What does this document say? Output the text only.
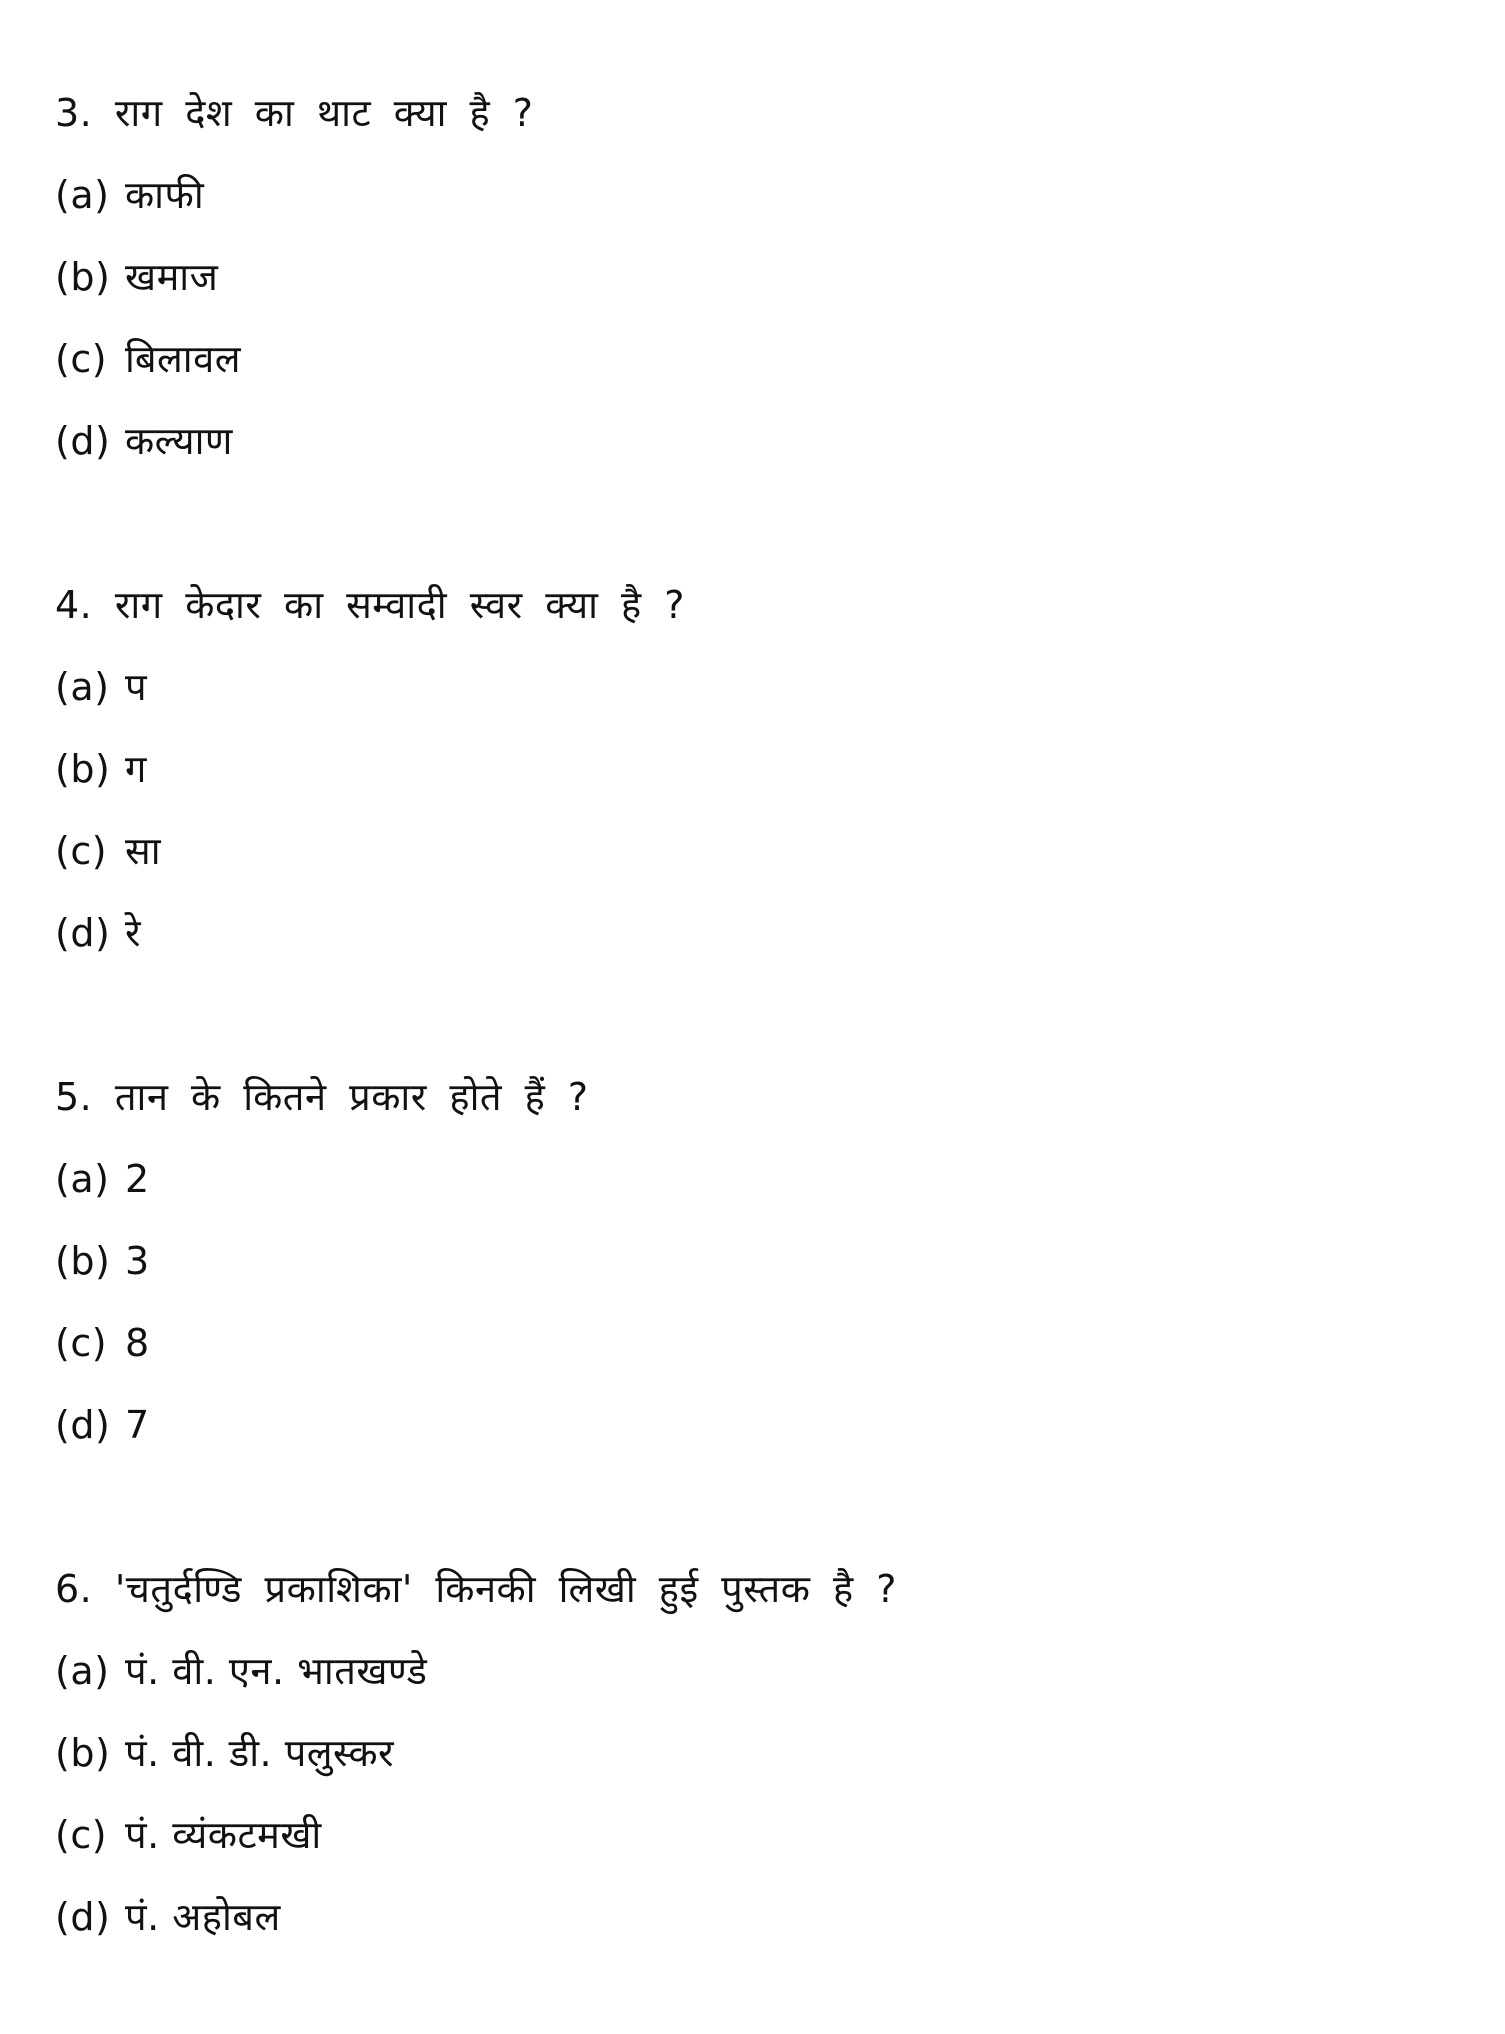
3. राग देश का थाट क्या है ?
(a) काफी
(b) खमाज
(c) बिलावल
(d) कल्याण
4. राग केदार का सम्वादी स्वर क्या है ?
(a) प
(b) ग
(c) सा
(d) रे
5. तान के कितने प्रकार होते हैं ?
(a) 2
(b) 3
(c) 8
(d) 7
6. 'चतुर्दण्डि प्रकाशिका' किनकी लिखी हुई पुस्तक है ?
(a) पं. वी. एन. भातखण्डे
(b) पं. वी. डी. पलुस्कर
(c) पं. व्यंकटमखी
(d) पं. अहोबल
